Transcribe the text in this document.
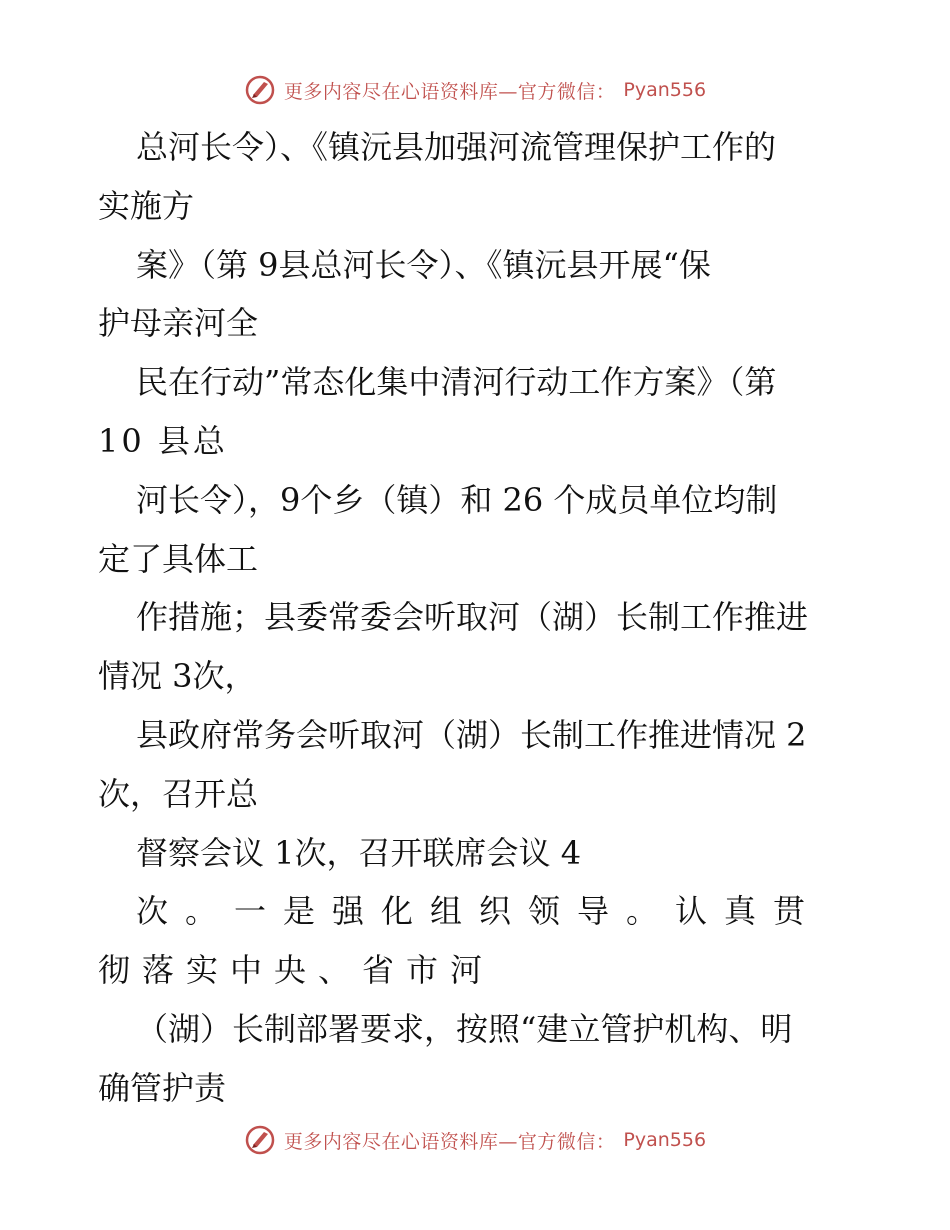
更多内容尽在心语资料库—官方微信： Pyan556
总河长令）、《镇沅县加强河流管理保护工作的
实施方
案》（第 9县总河长令）、《镇沅县开展“保
护母亲河全
民在行动”常态化集中清河行动工作方案》（第
10 县总
河长令），9个乡（镇）和 26 个成员单位均制
定了具体工
作措施；县委常委会听取河（湖）长制工作推进
情况 3次，
县政府常务会听取河（湖）长制工作推进情况 2
次，召开总
督察会议 1次，召开联席会议 4
次。一是强化组织领导。认真贯
彻落实中央、省市河
（湖）长制部署要求，按照“建立管护机构、明
确管护责
更多内容尽在心语资料库—官方微信： Pyan556
